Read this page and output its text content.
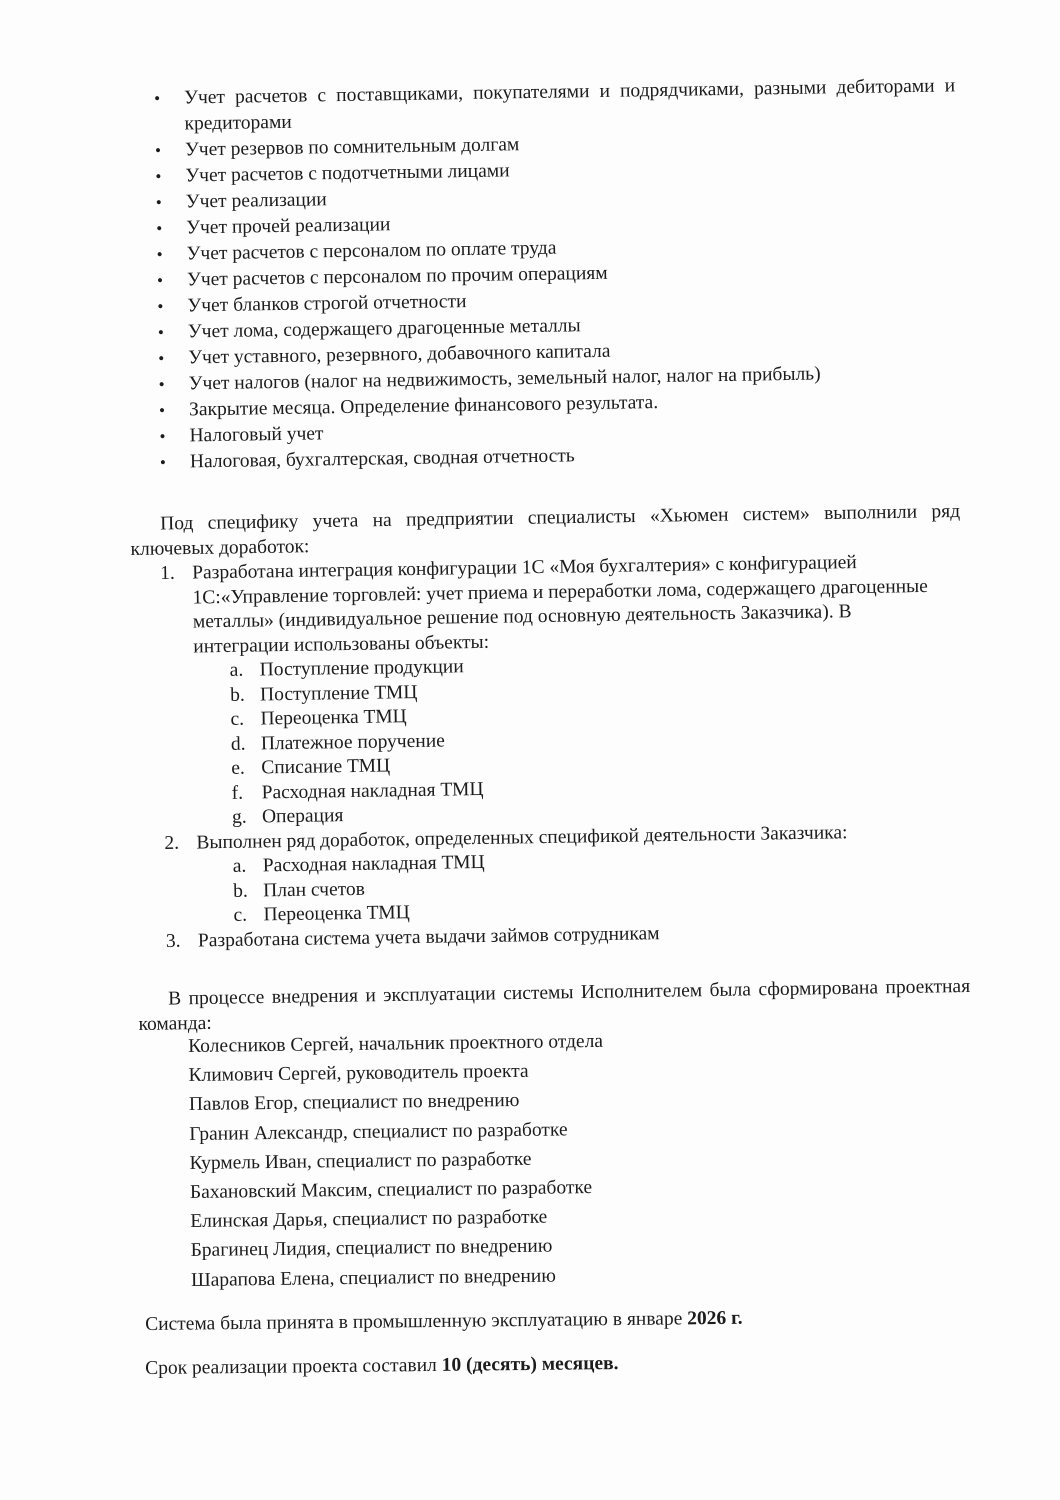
• Учет расчетов с поставщиками, покупателями и подрядчиками, разными дебиторами и кредиторами
• Учет резервов по сомнительным долгам
• Учет расчетов с подотчетными лицами
• Учет реализации
• Учет прочей реализации
• Учет расчетов с персоналом по оплате труда
• Учет расчетов с персоналом по прочим операциям
• Учет бланков строгой отчетности
• Учет лома, содержащего драгоценные металлы
• Учет уставного, резервного, добавочного капитала
• Учет налогов (налог на недвижимость, земельный налог, налог на прибыль)
• Закрытие месяца. Определение финансового результата.
• Налоговый учет
• Налоговая, бухгалтерская, сводная отчетность

Под специфику учета на предприятии специалисты «Хьюмен систем» выполнили ряд ключевых доработок:

1. Разработана интеграция конфигурации 1С «Моя бухгалтерия» с конфигурацией 1С:«Управление торговлей: учет приема и переработки лома, содержащего драгоценные металлы» (индивидуальное решение под основную деятельность Заказчика). В интеграции использованы объекты:
a. Поступление продукции
b. Поступление ТМЦ
c. Переоценка ТМЦ
d. Платежное поручение
e. Списание ТМЦ
f. Расходная накладная ТМЦ
g. Операция
2. Выполнен ряд доработок, определенных спецификой деятельности Заказчика:
a. Расходная накладная ТМЦ
b. План счетов
c. Переоценка ТМЦ
3. Разработана система учета выдачи займов сотрудникам

В процессе внедрения и эксплуатации системы Исполнителем была сформирована проектная команда:

Колесников Сергей, начальник проектного отдела
Климович Сергей, руководитель проекта
Павлов Егор, специалист по внедрению
Гранин Александр, специалист по разработке
Курмель Иван, специалист по разработке
Бахановский Максим, специалист по разработке
Елинская Дарья, специалист по разработке
Брагинец Лидия, специалист по внедрению
Шарапова Елена, специалист по внедрению

Система была принята в промышленную эксплуатацию в январе 2026 г.

Срок реализации проекта составил 10 (десять) месяцев.
